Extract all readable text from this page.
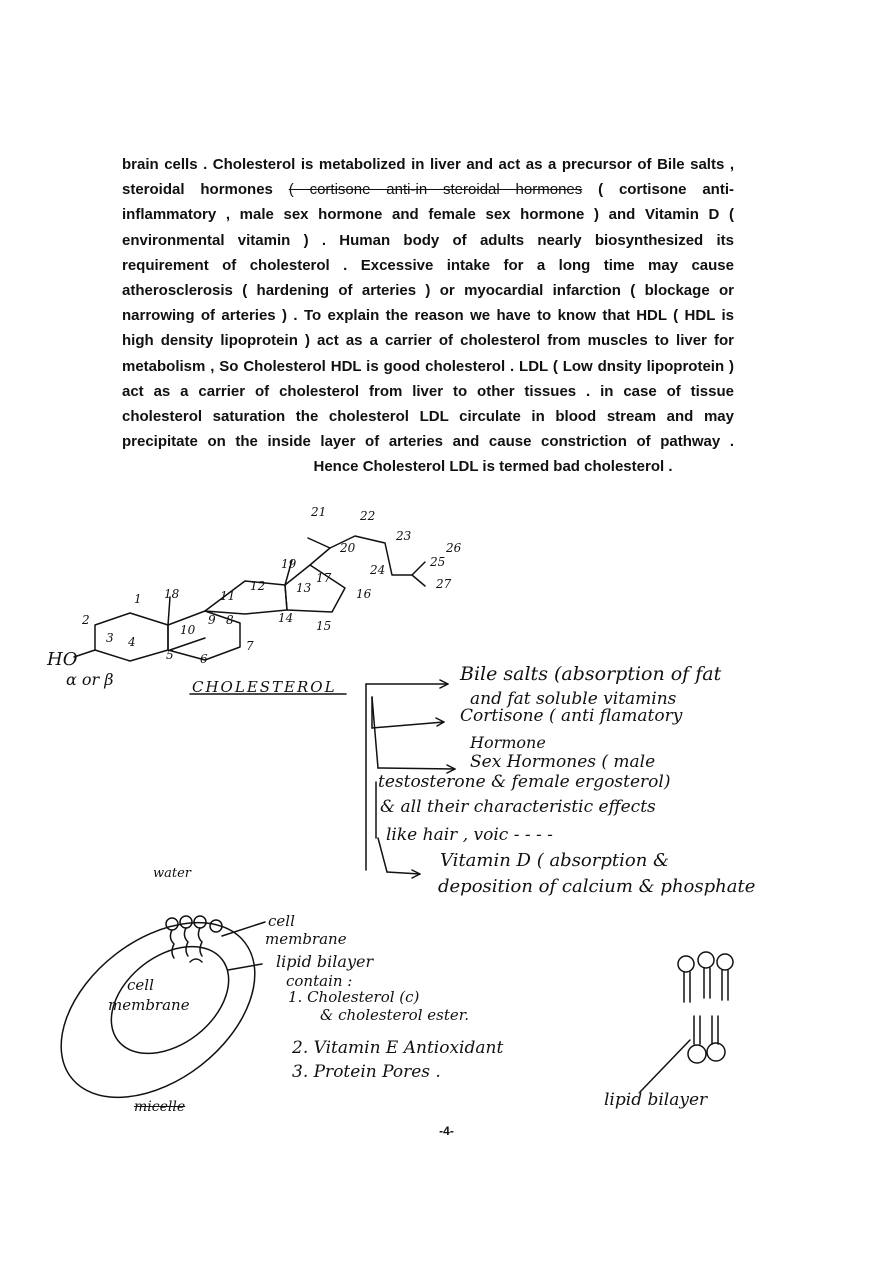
brain cells . Cholesterol is metabolized in liver and act as a precursor of Bile salts ,
steroidal hormones ( cortisone anti-in steroidal hormones ( cortisone anti-
inflammatory , male sex hormone and female sex hormone ) and Vitamin D (
environmental vitamin ) . Human body of adults nearly biosynthesized its
requirement of cholesterol . Excessive intake for a long time may cause
atherosclerosis ( hardening of arteries ) or myocardial infarction ( blockage or
narrowing of arteries ) . To explain the reason we have to know that HDL ( HDL is
high density lipoprotein ) act as a carrier of cholesterol from muscles to liver for
metabolism , So Cholesterol HDL is good cholesterol . LDL ( Low dnsity lipoprotein )
act as a carrier of cholesterol from liver to other tissues . in case of tissue
cholesterol saturation the cholesterol LDL circulate in blood stream and may
precipitate on the inside layer of arteries and cause constriction of pathway .
Hence Cholesterol LDL is termed bad cholesterol .
1
2
3 4
5 6
7
8
9
10
11
12	13
14
15
16
17
18
19
20
21	22
23
24
25
26
27
HO
α or β	CHOLESTEROL
Bile salts (absorption of fat
and fat soluble vitamins
Cortisone ( anti flamatory
Hormone
Sex Hormones ( male
testosterone & female ergosterol)
& all their characteristic effects
like hair , voic - - - -
Vitamin D ( absorption &
deposition of calcium & phosphate
water
cell
membrane
cell
membrane
lipid bilayer
contain :
1. Cholesterol (c)
& cholesterol ester.
2. Vitamin E Antioxidant
3. Protein Pores .
micelle	lipid bilayer
-4-
